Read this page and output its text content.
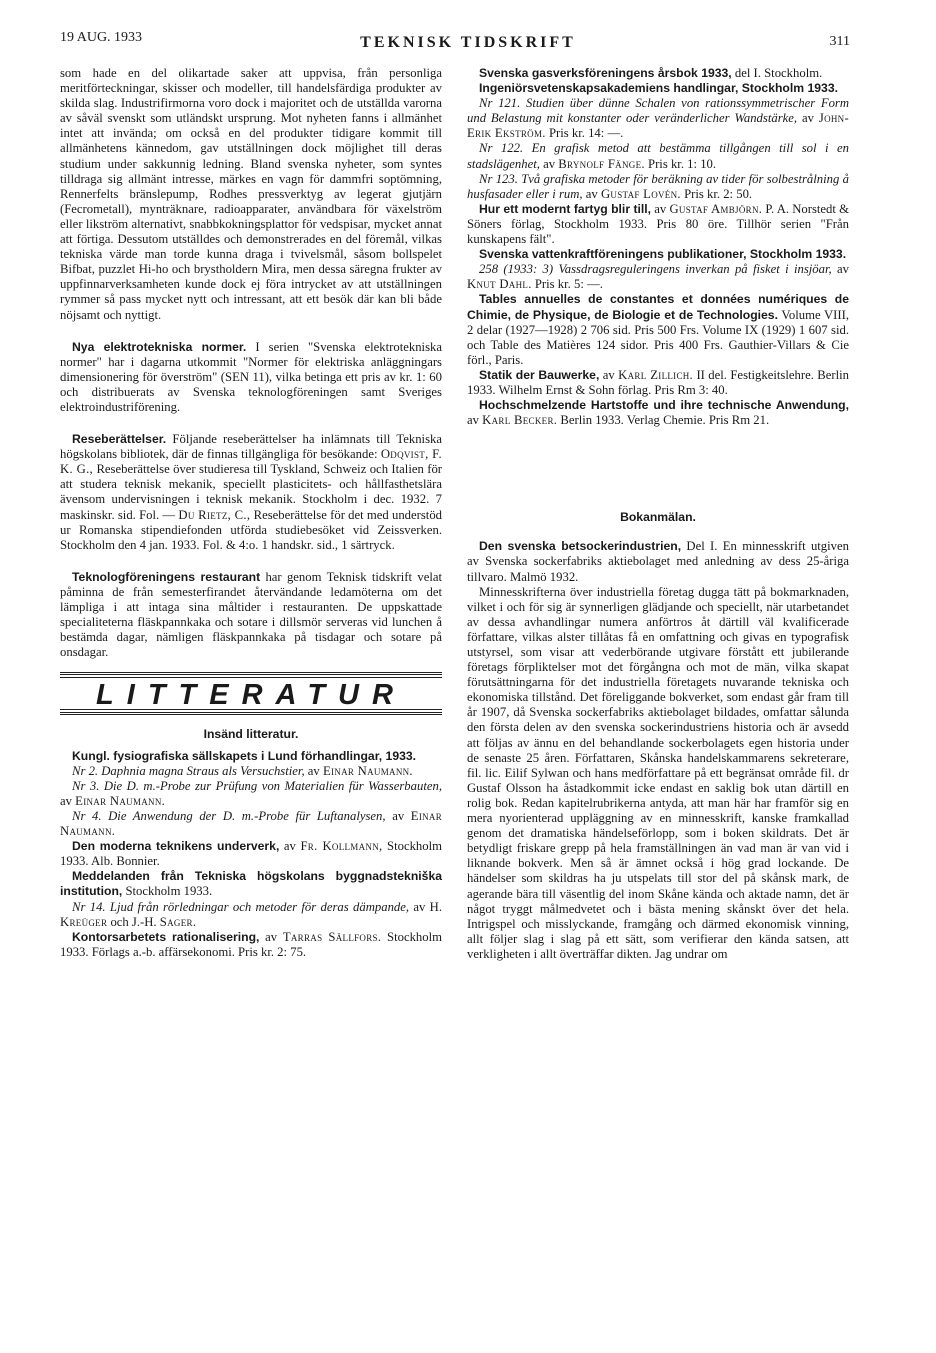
19 AUG. 1933	TEKNISK TIDSKRIFT	311

som hade en del olikartade saker att uppvisa, från personliga meritförteckningar, skisser och modeller, till handelsfärdiga produkter av skilda slag. Industrifirmorna voro dock i majoritet och de utställda varorna av såväl svenskt som utländskt ursprung. Mot nyheten fanns i allmänhet intet att invända; om också en del produkter tidigare kommit till allmänhetens kännedom, gav utställningen dock möjlighet till deras studium under sakkunnig ledning. Bland svenska nyheter, som syntes tilldraga sig allmänt intresse, märkes en vagn för dammfri soptömning, Rennerfelts bränslepump, Rodhes pressverktyg av legerat gjutjärn (Fecrometall), mynträknare, radioapparater, användbara för växelström eller likström alternativt, snabbkokningsplattor för vedspisar, mycket annat att förtiga. Dessutom utställdes och demonstrerades en del föremål, vilkas tekniska värde man torde kunna draga i tvivelsmål, såsom bollspelet Bifbat, puzzlet Hi-ho och brystholdern Mira, men dessa säregna frukter av uppfinnarverksamheten kunde dock ej föra intrycket av att utställningen rymmer så pass mycket nytt och intressant, att ett besök där kan bli både nöjsamt och nyttigt.

Nya elektrotekniska normer. I serien "Svenska elektrotekniska normer" har i dagarna utkommit "Normer för elektriska anläggningars dimensionering för överström" (SEN 11), vilka betinga ett pris av kr. 1: 60 och distribuerats av Svenska teknologföreningen samt Sveriges elektroindustriförening.

Reseberättelser. Följande reseberättelser ha inlämnats till Tekniska högskolans bibliotek, där de finnas tillgängliga för besökande: Odqvist, F. K. G., Reseberättelse över studieresa till Tyskland, Schweiz och Italien för att studera teknisk mekanik, speciellt plasticitets- och hållfasthetslära ävensom undervisningen i teknisk mekanik. Stockholm i dec. 1932. 7 maskinskr. sid. Fol. — Du Rietz, C., Reseberättelse för det med understöd ur Romanska stipendiefonden utförda studiebesöket vid Zeissverken. Stockholm den 4 jan. 1933. Fol. & 4:o. 1 handskr. sid., 1 särtryck.

Teknologföreningens restaurant har genom Teknisk tidskrift velat påminna de från semesterfirandet återvändande ledamöterna om det lämpliga i att intaga sina måltider i restauranten. De uppskattade specialiteterna fläskpannkaka och sotare i dillsmör serveras vid lunchen å bestämda dagar, nämligen fläskpannkaka på tisdagar och sotare på onsdagar.

LITTERATUR
Insänd litteratur.

Kungl. fysiografiska sällskapets i Lund förhandlingar, 1933.

Nr 2. Daphnia magna Straus als Versuchstier, av Einar Naumann.

Nr 3. Die D. m.-Probe zur Prüfung von Materialien für Wasserbauten, av Einar Naumann.

Nr 4. Die Anwendung der D. m.-Probe für Luftanalysen, av Einar Naumann.

Den moderna teknikens underverk, av Fr. Kollmann, Stockholm 1933. Alb. Bonnier.

Meddelanden från Tekniska högskolans byggnadstekniška institution, Stockholm 1933.

Nr 14. Ljud från rörledningar och metoder för deras dämpande, av H. Kreüger och J.-H. Sager.

Kontorsarbetets rationalisering, av Tarras Sällfors. Stockholm 1933. Förlags a.-b. affärsekonomi. Pris kr. 2: 75.

Svenska gasverksföreningens årsbok 1933, del I. Stockholm.

Ingeniörsvetenskapsakademiens handlingar, Stockholm 1933.

Nr 121. Studien über dünne Schalen von rationssymmetrischer Form und Belastung mit konstanter oder veränderlicher Wandstärke, av John-Erik Ekström. Pris kr. 14: —.

Nr 122. En grafisk metod att bestämma tillgången till sol i en stadslägenhet, av Brynolf Fänge. Pris kr. 1: 10.

Nr 123. Två grafiska metoder för beräkning av tider för solbestrålning å husfasader eller i rum, av Gustaf Lovén. Pris kr. 2: 50.

Hur ett modernt fartyg blir till, av Gustaf Ambjörn. P. A. Norstedt & Söners förlag, Stockholm 1933. Pris 80 öre. Tillhör serien "Från kunskapens fält".

Svenska vattenkraftföreningens publikationer, Stockholm 1933.

258 (1933: 3) Vassdragsreguleringens inverkan på fisket i insjöar, av Knut Dahl. Pris kr. 5: —.

Tables annuelles de constantes et données numériques de Chimie, de Physique, de Biologie et de Technologies. Volume VIII, 2 delar (1927—1928) 2 706 sid. Pris 500 Frs. Volume IX (1929) 1 607 sid. och Table des Matières 124 sidor. Pris 400 Frs. Gauthier-Villars & Cie förl., Paris.

Statik der Bauwerke, av Karl Zillich. II del. Festigkeitslehre. Berlin 1933. Wilhelm Ernst & Sohn förlag. Pris Rm 3: 40.

Hochschmelzende Hartstoffe und ihre technische Anwendung, av Karl Becker. Berlin 1933. Verlag Chemie. Pris Rm 21.

Bokanmälan.

Den svenska betsockerindustrien, Del I. En minnesskrift utgiven av Svenska sockerfabriks aktiebolaget med anledning av dess 25-åriga tillvaro. Malmö 1932.

Minnesskrifterna över industriella företag dugga tätt på bokmarknaden, vilket i och för sig är synnerligen glädjande och speciellt, när utarbetandet av dessa avhandlingar numera anförtros åt därtill väl kvalificerade författare, vilkas alster tillåtas få en omfattning och givas en typografisk utstyrsel, som visar att vederbörande utgivare förstått ett jubilerande företags förpliktelser mot det förgångna och mot de män, vilka skapat förutsättningarna för det industriella företagets nuvarande tekniska och ekonomiska tillstånd. Det föreliggande bokverket, som endast går fram till år 1907, då Svenska sockerfabriks aktiebolaget bildades, omfattar sålunda den första delen av den svenska sockerindustriens historia och är avsedd att följas av ännu en del behandlande sockerbolagets egen historia under de senaste 25 åren. Författaren, Skånska handelskammarens sekreterare, fil. lic. Eilif Sylwan och hans medförfattare på ett begränsat område fil. dr Gustaf Olsson ha åstadkommit icke endast en saklig bok utan därtill en rolig bok. Redan kapitelrubrikerna antyda, att man här har framför sig en mera nyorienterad uppläggning av en minnesskrift, kanske framkallad genom det dramatiska händelseförlopp, som i boken skildrats. Det är betydligt friskare grepp på hela framställningen än vad man är van vid i liknande bokverk. Men så är ämnet också i hög grad lockande. De händelser som skildras ha ju utspelats till stor del på skånsk mark, de agerande bära till väsentlig del inom Skåne kända och aktade namn, det är något tryggt målmedvetet och i bästa mening skånskt över det hela. Intrigspel och misslyckande, framgång och därmed ekonomisk vinning, allt följer slag i slag på ett sätt, som verifierar den kända satsen, att verkligheten i allt överträffar dikten. Jag undrar om
